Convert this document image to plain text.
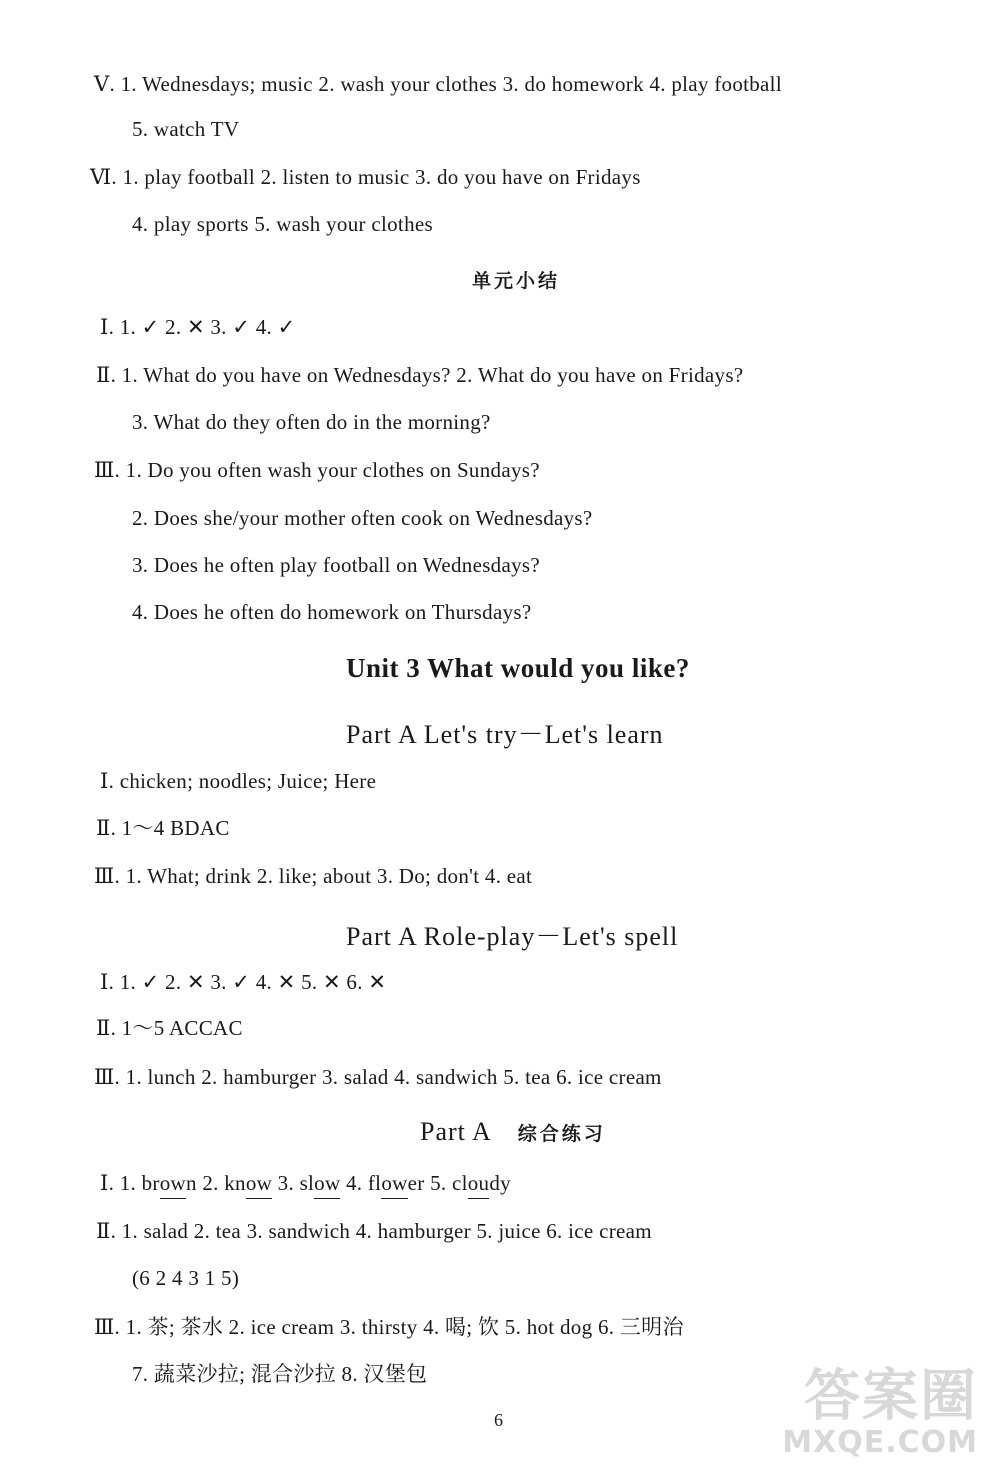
Ⅴ. 1. Wednesdays; music 2. wash your clothes 3. do homework 4. play football
5. watch TV
Ⅵ. 1. play football 2. listen to music 3. do you have on Fridays
4. play sports 5. wash your clothes
单元小结
Ⅰ. 1. ✓ 2. ✕ 3. ✓ 4. ✓
Ⅱ. 1. What do you have on Wednesdays? 2. What do you have on Fridays?
3. What do they often do in the morning?
Ⅲ. 1. Do you often wash your clothes on Sundays?
2. Does she/your mother often cook on Wednesdays?
3. Does he often play football on Wednesdays?
4. Does he often do homework on Thursdays?
Unit 3 What would you like?
Part A Let's try－Let's learn
Ⅰ. chicken; noodles; Juice; Here
Ⅱ. 1～4 BDAC
Ⅲ. 1. What; drink 2. like; about 3. Do; don't 4. eat
Part A Role-play－Let's spell
Ⅰ. 1. ✓ 2. ✕ 3. ✓ 4. ✕ 5. ✕ 6. ✕
Ⅱ. 1～5 ACCAC
Ⅲ. 1. lunch 2. hamburger 3. salad 4. sandwich 5. tea 6. ice cream
Part A 综合练习
Ⅰ. 1. brow
n 2. know
3. slow
4. flow
er 5. clou
dy
Ⅱ. 1. salad 2. tea 3. sandwich 4. hamburger 5. juice 6. ice cream
(6 2 4 3 1 5)
Ⅲ. 1. 茶; 茶水 2. ice cream 3. thirsty 4. 喝; 饮 5. hot dog 6. 三明治
7. 蔬菜沙拉; 混合沙拉 8. 汉堡包
6	答案圈
MXQE.COM
